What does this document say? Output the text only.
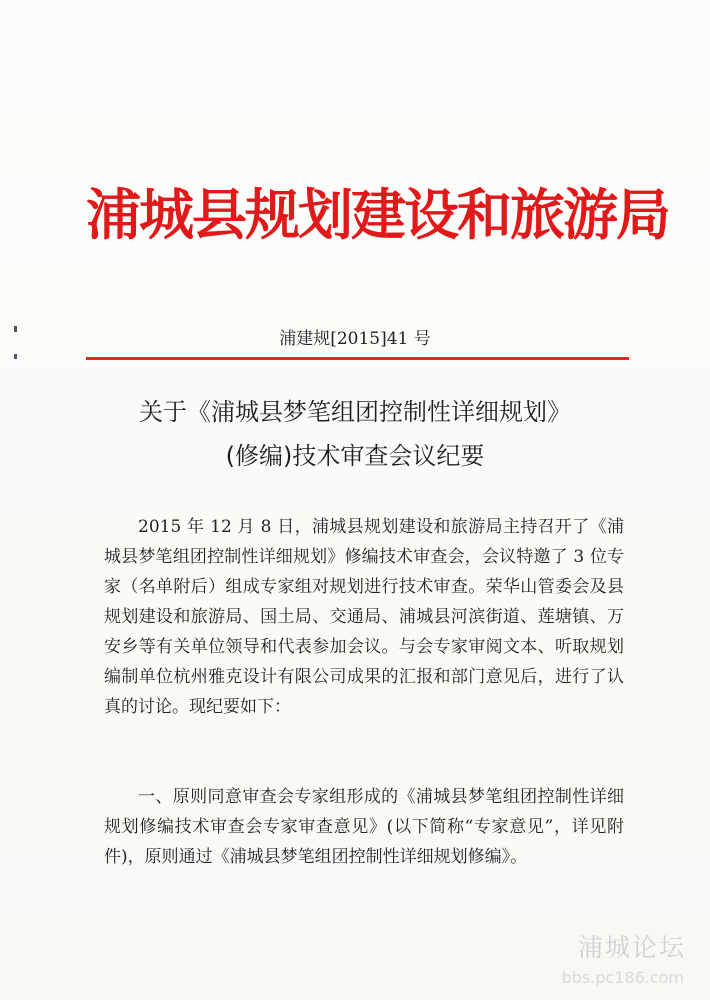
浦城县规划建设和旅游局
浦建规[2015]41 号
关于《浦城县梦笔组团控制性详细规划》
(修编)技术审查会议纪要

2015 年 12 月 8 日，浦城县规划建设和旅游局主持召开了《浦城县梦笔组团控制性详细规划》修编技术审查会，会议特邀了 3 位专家（名单附后）组成专家组对规划进行技术审查。荣华山管委会及县规划建设和旅游局、国土局、交通局、浦城县河滨街道、莲塘镇、万安乡等有关单位领导和代表参加会议。与会专家审阅文本、听取规划编制单位杭州雅克设计有限公司成果的汇报和部门意见后，进行了认真的讨论。现纪要如下：

一、原则同意审查会专家组形成的《浦城县梦笔组团控制性详细规划修编技术审查会专家审查意见》(以下简称“专家意见”，详见附件)，原则通过《浦城县梦笔组团控制性详细规划修编》。

浦城论坛
bbs.pc186.com
